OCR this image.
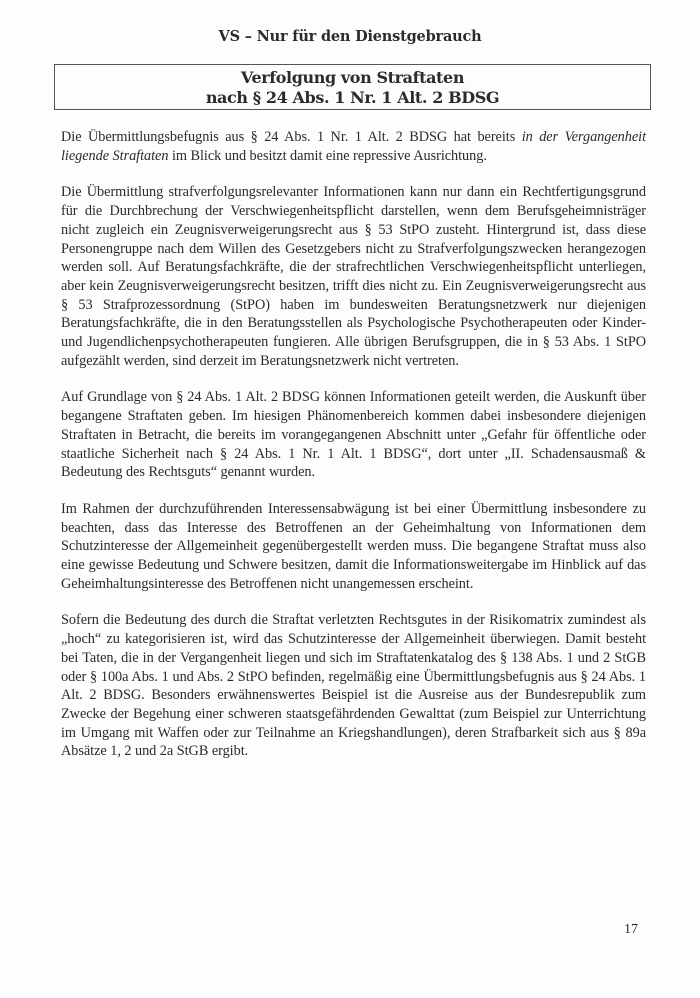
VS – Nur für den Dienstgebrauch
Verfolgung von Straftaten
nach § 24 Abs. 1 Nr. 1 Alt. 2 BDSG

Die Übermittlungsbefugnis aus § 24 Abs. 1 Nr. 1 Alt. 2 BDSG hat bereits in der Vergangenheit liegende Straftaten im Blick und besitzt damit eine repressive Ausrichtung.

Die Übermittlung strafverfolgungsrelevanter Informationen kann nur dann ein Rechtfertigungsgrund für die Durchbrechung der Verschwiegenheitspflicht darstellen, wenn dem Berufsgeheimnisträger nicht zugleich ein Zeugnisverweigerungsrecht aus § 53 StPO zusteht. Hintergrund ist, dass diese Personengruppe nach dem Willen des Gesetzgebers nicht zu Strafverfolgungszwecken herangezogen werden soll. Auf Beratungsfachkräfte, die der strafrechtlichen Verschwiegenheitspflicht unterliegen, aber kein Zeugnisverweigerungsrecht besitzen, trifft dies nicht zu. Ein Zeugnisverweigerungsrecht aus § 53 Strafprozessordnung (StPO) haben im bundesweiten Beratungsnetzwerk nur diejenigen Beratungsfachkräfte, die in den Beratungsstellen als Psychologische Psychotherapeuten oder Kinder- und Jugendlichenpsychotherapeuten fungieren. Alle übrigen Berufsgruppen, die in § 53 Abs. 1 StPO aufgezählt werden, sind derzeit im Beratungsnetzwerk nicht vertreten.

Auf Grundlage von § 24 Abs. 1 Alt. 2 BDSG können Informationen geteilt werden, die Auskunft über begangene Straftaten geben. Im hiesigen Phänomenbereich kommen dabei insbesondere diejenigen Straftaten in Betracht, die bereits im vorangegangenen Abschnitt unter „Gefahr für öffentliche oder staatliche Sicherheit nach § 24 Abs. 1 Nr. 1 Alt. 1 BDSG“, dort unter „II. Schadensausmaß & Bedeutung des Rechtsguts“ genannt wurden.

Im Rahmen der durchzuführenden Interessensabwägung ist bei einer Übermittlung insbesondere zu beachten, dass das Interesse des Betroffenen an der Geheimhaltung von Informationen dem Schutzinteresse der Allgemeinheit gegenübergestellt werden muss. Die begangene Straftat muss also eine gewisse Bedeutung und Schwere besitzen, damit die Informationsweitergabe im Hinblick auf das Geheimhaltungsinteresse des Betroffenen nicht unangemessen erscheint.

Sofern die Bedeutung des durch die Straftat verletzten Rechtsgutes in der Risikomatrix zumindest als „hoch“ zu kategorisieren ist, wird das Schutzinteresse der Allgemeinheit überwiegen. Damit besteht bei Taten, die in der Vergangenheit liegen und sich im Straftatenkatalog des § 138 Abs. 1 und 2 StGB oder § 100a Abs. 1 und Abs. 2 StPO befinden, regelmäßig eine Übermittlungsbefugnis aus § 24 Abs. 1 Alt. 2 BDSG. Besonders erwähnenswertes Beispiel ist die Ausreise aus der Bundesrepublik zum Zwecke der Begehung einer schweren staatsgefährdenden Gewalttat (zum Beispiel zur Unterrichtung im Umgang mit Waffen oder zur Teilnahme an Kriegshandlungen), deren Strafbarkeit sich aus § 89a Absätze 1, 2 und 2a StGB ergibt.

17
